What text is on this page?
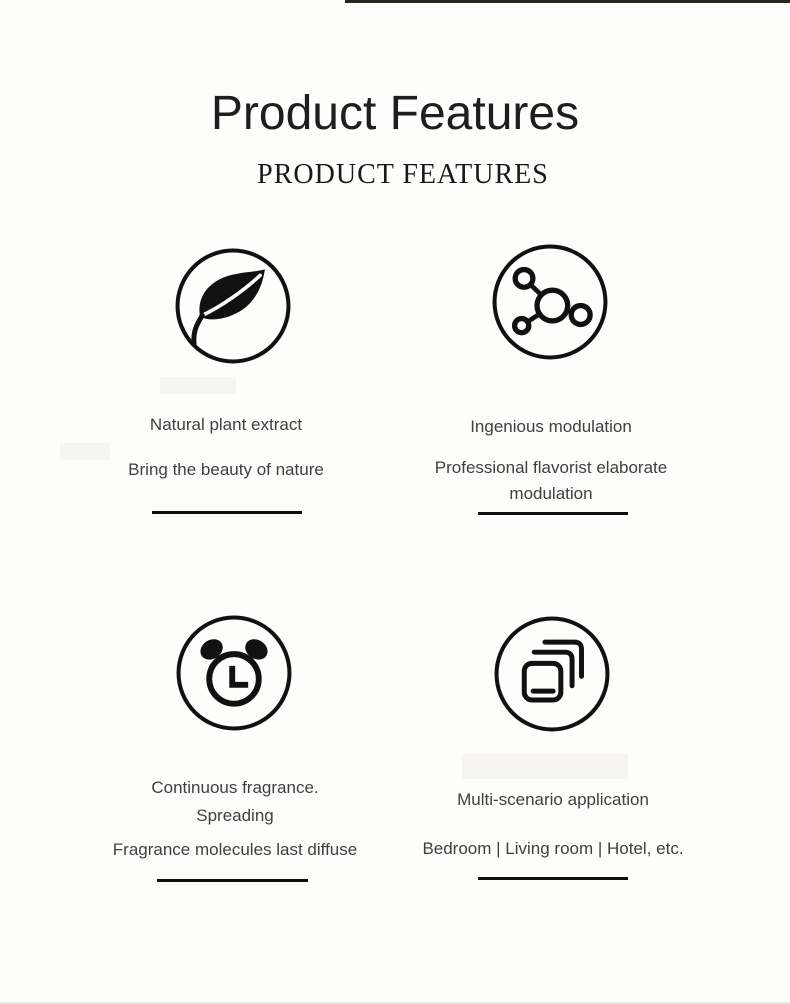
Product Features
PRODUCT FEATURES
Natural plant extract
Bring the beauty of nature
Ingenious modulation
Professional flavorist elaborate
modulation
Continuous fragrance.
Spreading
Fragrance molecules last diffuse
Multi-scenario application
Bedroom | Living room | Hotel, etc.
